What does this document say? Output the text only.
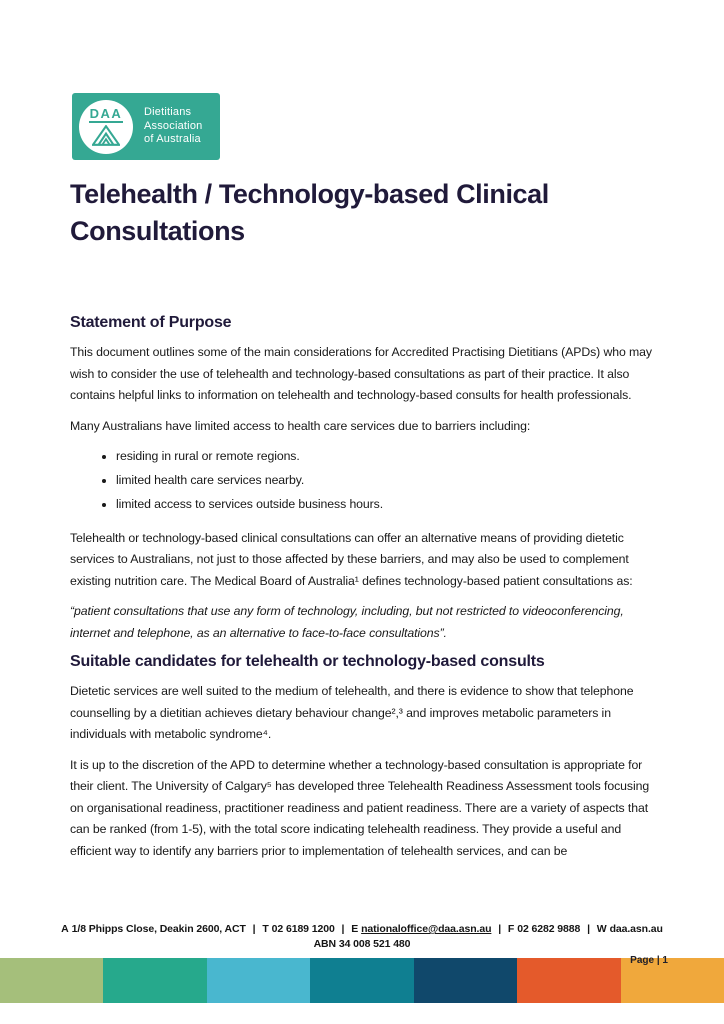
DAA Dietitians
Association
of Australia
Telehealth / Technology-based Clinical Consultations
Statement of Purpose

This document outlines some of the main considerations for Accredited Practising Dietitians (APDs) who may wish to consider the use of telehealth and technology-based consultations as part of their practice. It also contains helpful links to information on telehealth and technology-based consults for health professionals.

Many Australians have limited access to health care services due to barriers including:

• residing in rural or remote regions.
• limited health care services nearby.
• limited access to services outside business hours.

Telehealth or technology-based clinical consultations can offer an alternative means of providing dietetic services to Australians, not just to those affected by these barriers, and may also be used to complement existing nutrition care. The Medical Board of Australia¹ defines technology-based patient consultations as:

“patient consultations that use any form of technology, including, but not restricted to videoconferencing, internet and telephone, as an alternative to face-to-face consultations”.

Suitable candidates for telehealth or technology-based consults

Dietetic services are well suited to the medium of telehealth, and there is evidence to show that telephone counselling by a dietitian achieves dietary behaviour change²,³ and improves metabolic parameters in individuals with metabolic syndrome⁴.

It is up to the discretion of the APD to determine whether a technology-based consultation is appropriate for their client. The University of Calgary⁵ has developed three Telehealth Readiness Assessment tools focusing on organisational readiness, practitioner readiness and patient readiness. There are a variety of aspects that can be ranked (from 1-5), with the total score indicating telehealth readiness. They provide a useful and efficient way to identify any barriers prior to implementation of telehealth services, and can be

A 1/8 Phipps Close, Deakin 2600, ACT | T 02 6189 1200 | E nationaloffice@daa.asn.au | F 02 6282 9888 | W daa.asn.au
ABN 34 008 521 480
Page | 1
